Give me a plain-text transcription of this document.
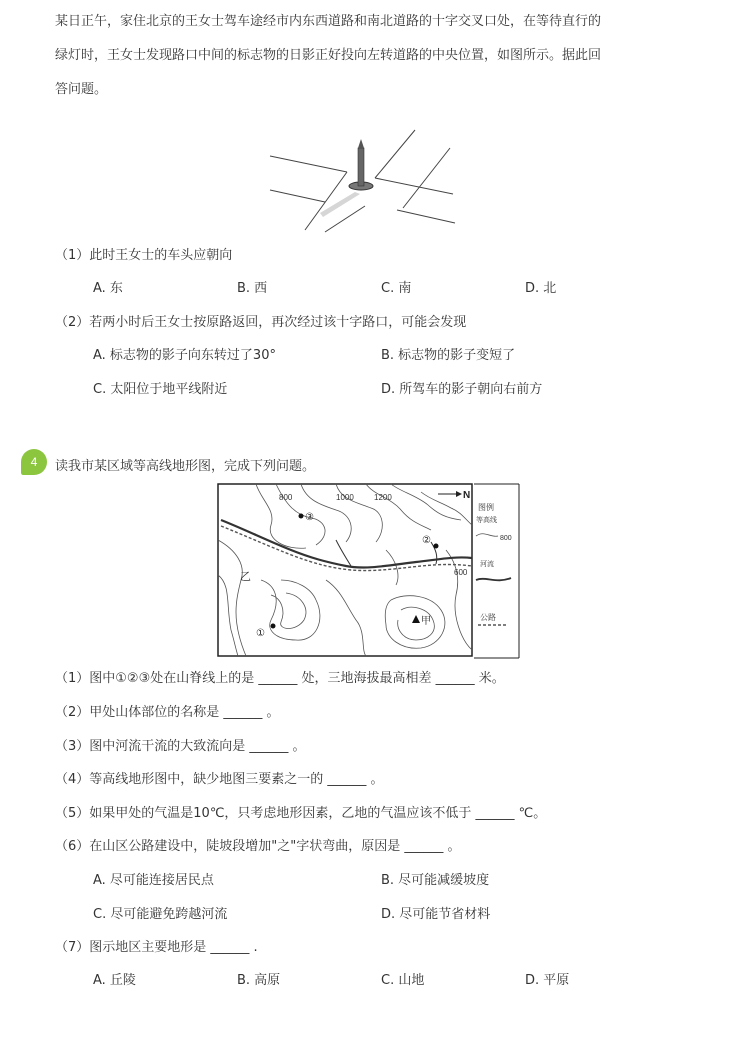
某日正午，家住北京的王女士驾车途经市内东西道路和南北道路的十字交叉口处，在等待直行的
绿灯时，王女士发现路口中间的标志物的日影正好投向左转道路的中央位置，如图所示。据此回
答问题。
（1）此时王女士的车头应朝向
A. 东	B. 西	C. 南	D. 北
（2）若两小时后王女士按原路返回，再次经过该十字路口，可能会发现
A. 标志物的影子向东转过了30°	B. 标志物的影子变短了
C. 太阳位于地平线附近	D. 所驾车的影子朝向右前方
4	读我市某区域等高线地形图，完成下列问题。
800	1000	1200
600
N
③
②
①
乙
甲
图例
等高线
800
河流
公路
（1）图中①②③处在山脊线上的是 ______ 处，三地海拔最高相差 ______ 米。
（2）甲处山体部位的名称是 ______ 。
（3）图中河流干流的大致流向是 ______ 。
（4）等高线地形图中，缺少地图三要素之一的 ______ 。
（5）如果甲处的气温是10℃，只考虑地形因素，乙地的气温应该不低于 ______ ℃。
（6）在山区公路建设中，陡坡段增加"之"字状弯曲，原因是 ______ 。
A. 尽可能连接居民点	B. 尽可能减缓坡度
C. 尽可能避免跨越河流	D. 尽可能节省材料
（7）图示地区主要地形是 ______ .
A. 丘陵	B. 高原	C. 山地	D. 平原
